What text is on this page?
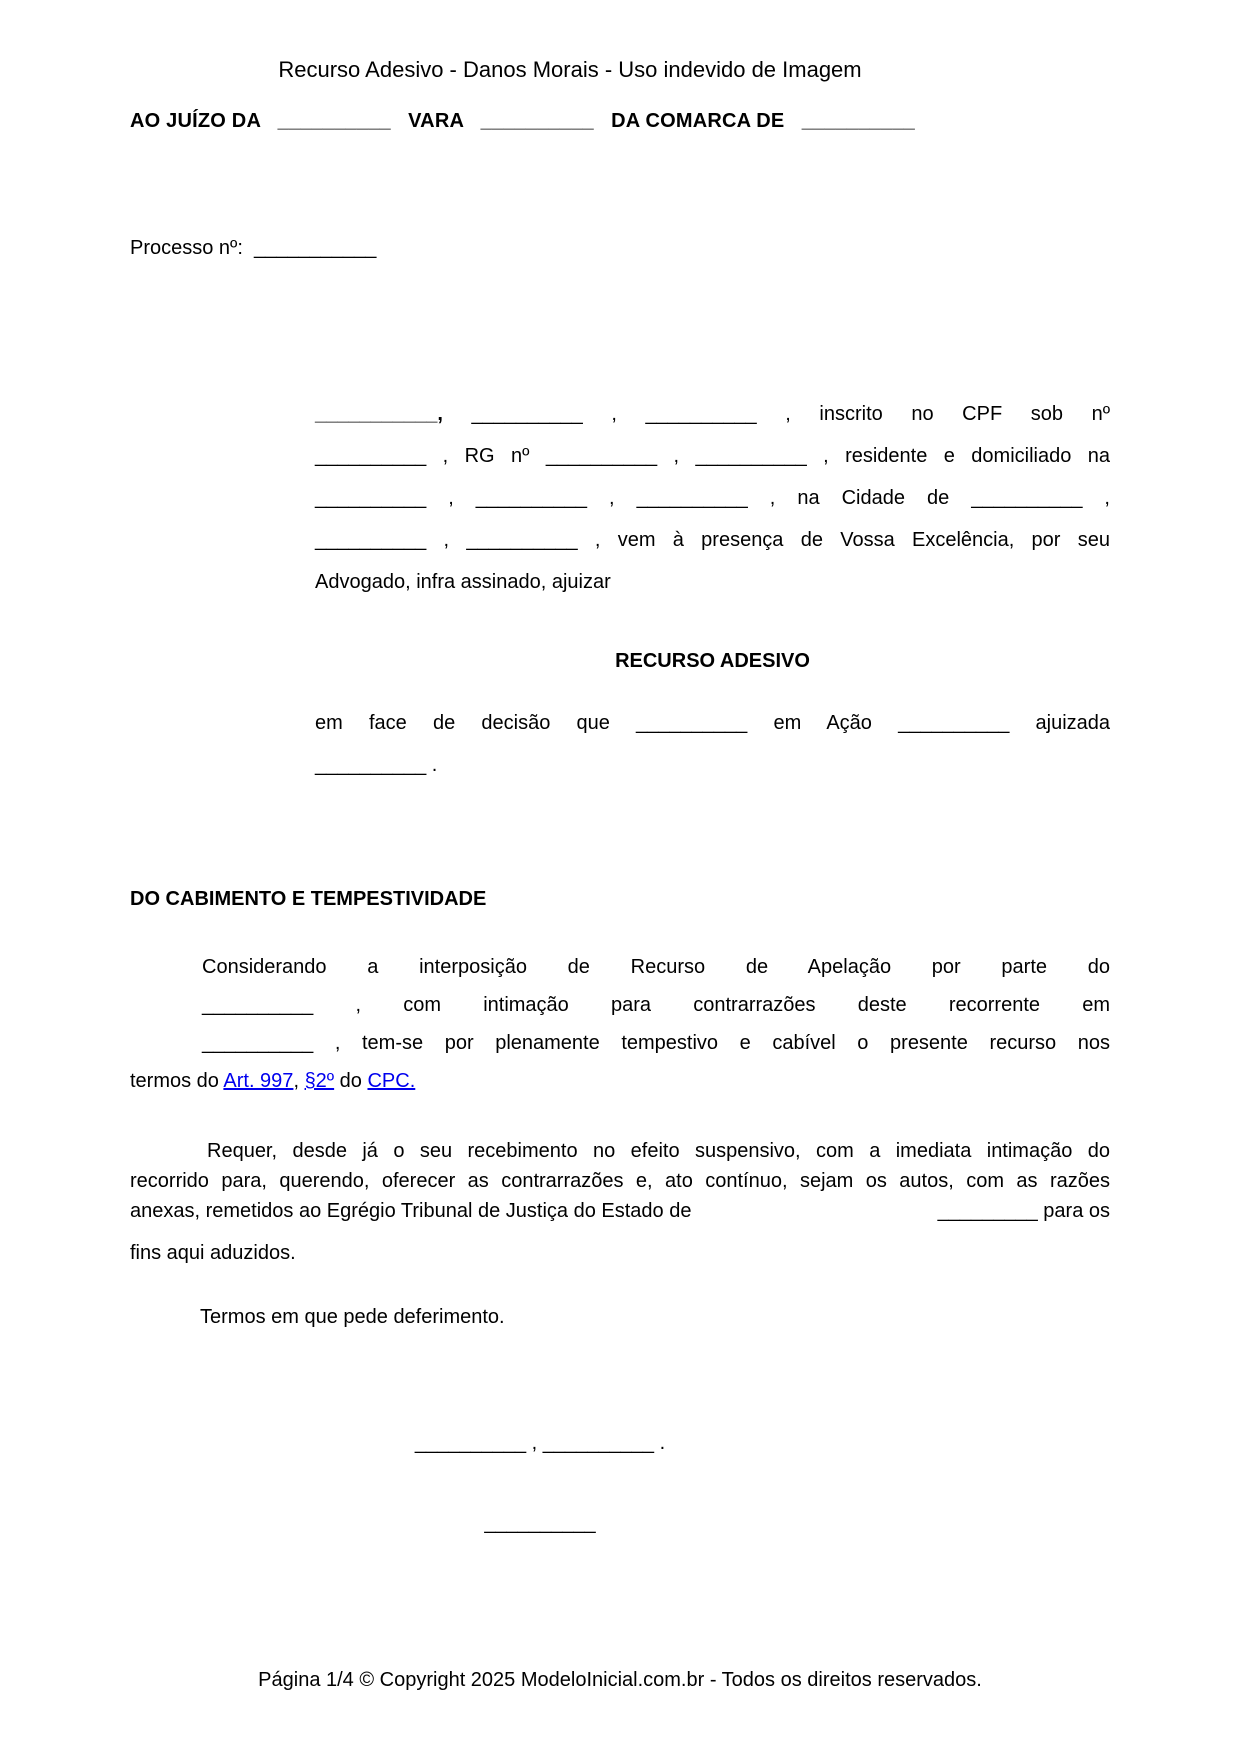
Recurso Adesivo - Danos Morais - Uso indevido de Imagem
AO JUÍZO DA   __________   VARA   __________   DA COMARCA DE   __________
Processo nº:  ___________
___________, __________ , __________ , inscrito no CPF sob nº
__________ , RG nº __________ , __________ , residente e domiciliado na
__________ , __________ , __________ , na Cidade de __________ ,
__________ , __________ , vem à presença de Vossa Excelência, por seu
Advogado, infra assinado, ajuizar
RECURSO ADESIVO
em face de decisão que __________ em Ação __________ ajuizada
__________ .
DO CABIMENTO E TEMPESTIVIDADE
Considerando a interposição de Recurso de Apelação por parte do
__________ , com intimação para contrarrazões deste recorrente em
__________ , tem-se por plenamente tempestivo e cabível o presente recurso nos
termos do Art. 997, §2º do CPC.
Requer, desde já o seu recebimento no efeito suspensivo, com a imediata intimação do
recorrido para, querendo, oferecer as contrarrazões e, ato contínuo, sejam os autos, com as razões
anexas, remetidos ao Egrégio Tribunal de Justiça do Estado de	_________ para os
fins aqui aduzidos.
Termos em que pede deferimento.
__________ , __________ .
__________
Página 1/4 © Copyright 2025 ModeloInicial.com.br - Todos os direitos reservados.
